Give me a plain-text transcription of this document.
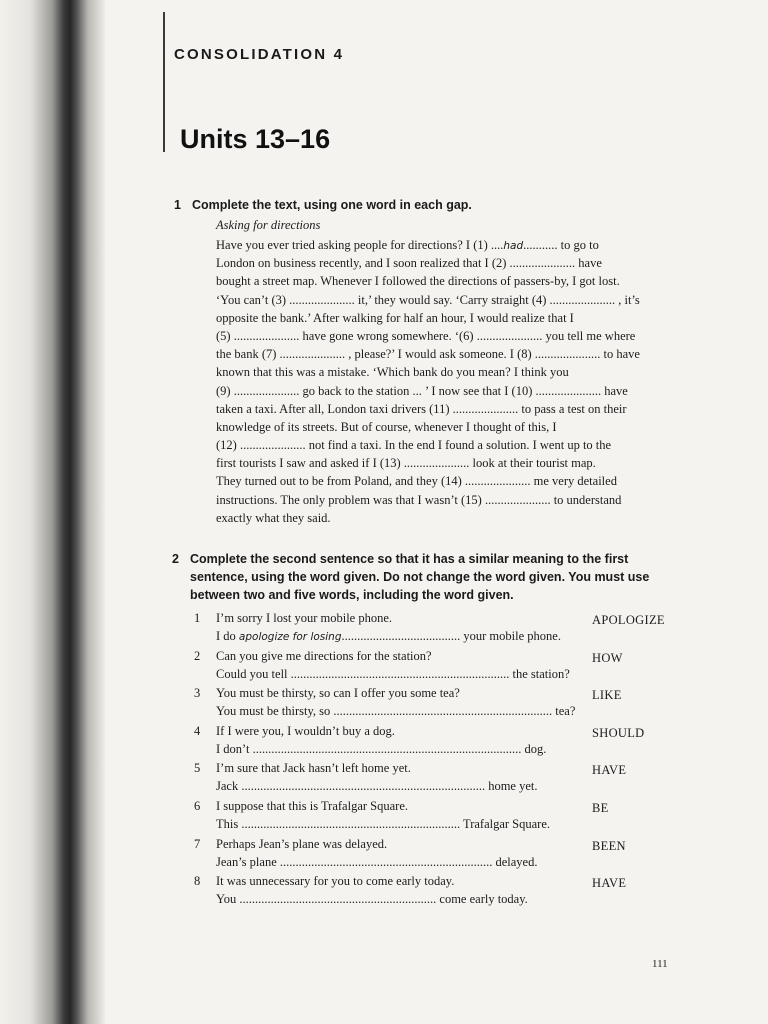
CONSOLIDATION 4
Units 13–16
1 Complete the text, using one word in each gap.
Asking for directions
Have you ever tried asking people for directions? I (1) ....had........... to go to
London on business recently, and I soon realized that I (2) ..................... have
bought a street map. Whenever I followed the directions of passers-by, I got lost.
‘You can’t (3) ..................... it,’ they would say. ‘Carry straight (4) ..................... , it’s
opposite the bank.’ After walking for half an hour, I would realize that I
(5) ..................... have gone wrong somewhere. ‘(6) ..................... you tell me where
the bank (7) ..................... , please?’ I would ask someone. I (8) ..................... to have
known that this was a mistake. ‘Which bank do you mean? I think you
(9) ..................... go back to the station ... ’ I now see that I (10) ..................... have
taken a taxi. After all, London taxi drivers (11) ..................... to pass a test on their
knowledge of its streets. But of course, whenever I thought of this, I
(12) ..................... not find a taxi. In the end I found a solution. I went up to the
first tourists I saw and asked if I (13) ..................... look at their tourist map.
They turned out to be from Poland, and they (14) ..................... me very detailed
instructions. The only problem was that I wasn’t (15) ..................... to understand
exactly what they said.
2 Complete the second sentence so that it has a similar meaning to the first
sentence, using the word given. Do not change the word given. You must use
between two and five words, including the word given.
1 I’m sorry I lost your mobile phone.
I do apologize for losing...................................... your mobile phone.
APOLOGIZE
2 Can you give me directions for the station?
Could you tell ...................................................................... the station?
HOW
3 You must be thirsty, so can I offer you some tea?
You must be thirsty, so ...................................................................... tea?
LIKE
4 If I were you, I wouldn’t buy a dog.
I don’t ...................................................................................... dog.
SHOULD
5 I’m sure that Jack hasn’t left home yet.
Jack .............................................................................. home yet.
HAVE
6 I suppose that this is Trafalgar Square.
This ...................................................................... Trafalgar Square.
BE
7 Perhaps Jean’s plane was delayed.
Jean’s plane .................................................................... delayed.
BEEN
8 It was unnecessary for you to come early today.
You ............................................................... come early today.
HAVE
111
